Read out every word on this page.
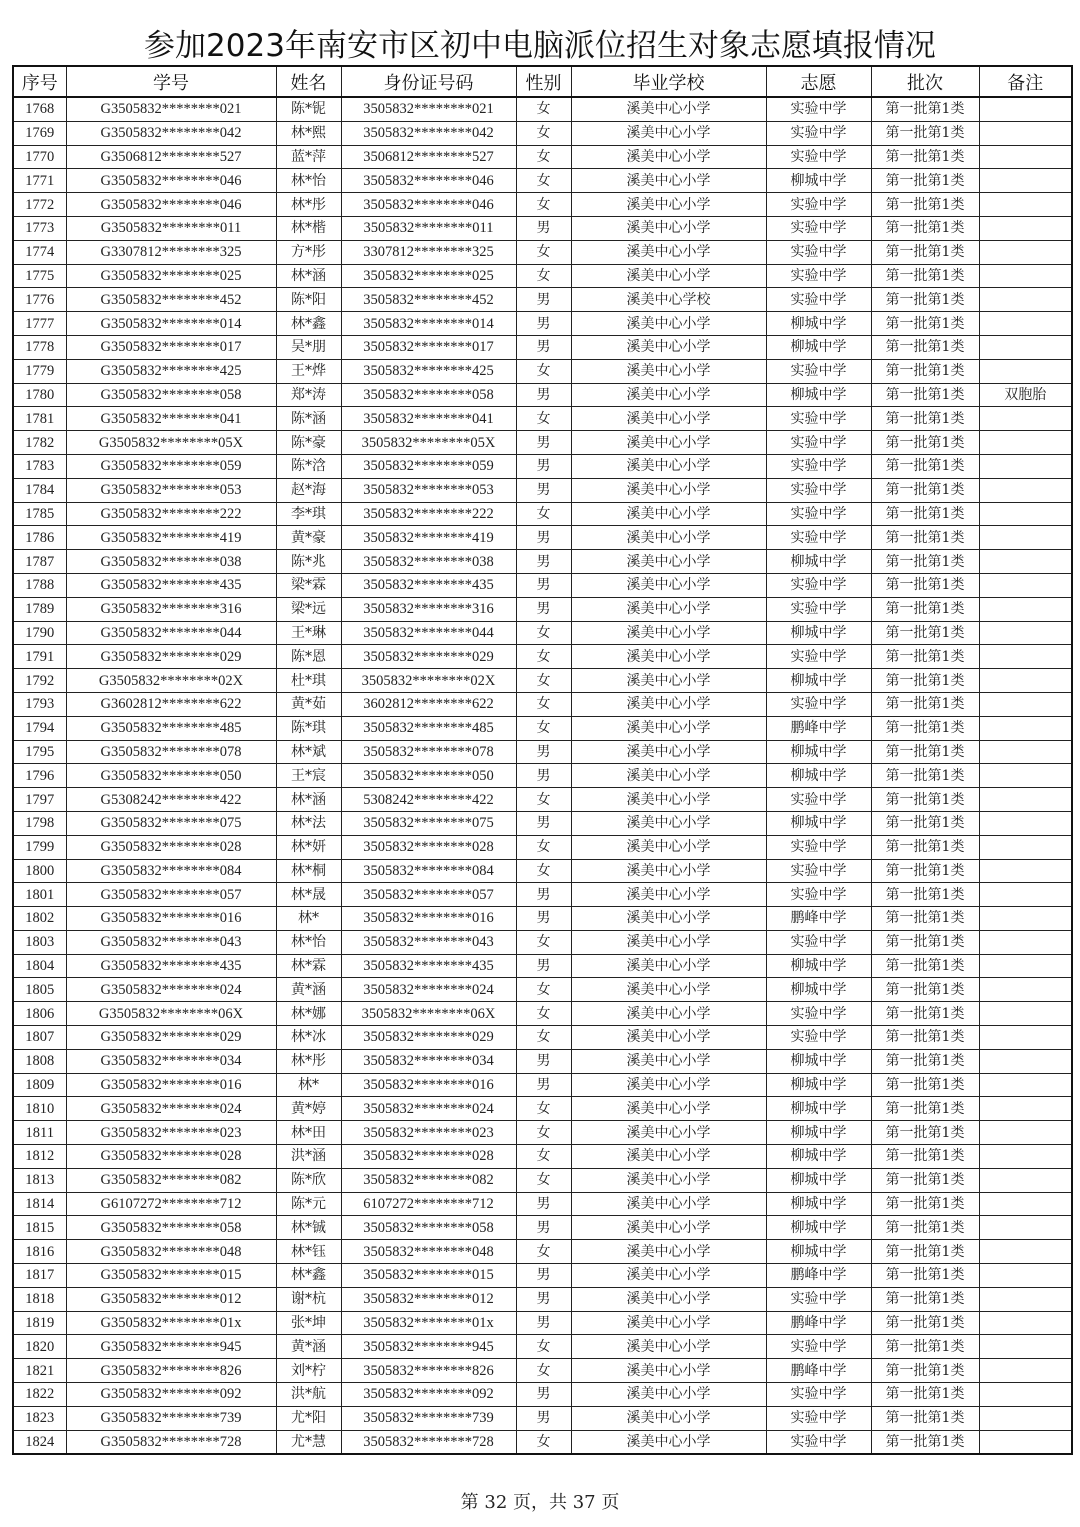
参加2023年南安市区初中电脑派位招生对象志愿填报情况
序号	学号	姓名	身份证号码	性别	毕业学校	志愿	批次	备注
1768	G3505832********021	陈*铌	3505832********021	女	溪美中心小学	实验中学	第一批第1类	
1769	G3505832********042	林*熙	3505832********042	女	溪美中心小学	实验中学	第一批第1类	
1770	G3506812********527	蓝*萍	3506812********527	女	溪美中心小学	实验中学	第一批第1类	
1771	G3505832********046	林*怡	3505832********046	女	溪美中心小学	柳城中学	第一批第1类	
1772	G3505832********046	林*彤	3505832********046	女	溪美中心小学	实验中学	第一批第1类	
1773	G3505832********011	林*楷	3505832********011	男	溪美中心小学	实验中学	第一批第1类	
1774	G3307812********325	方*彤	3307812********325	女	溪美中心小学	实验中学	第一批第1类	
1775	G3505832********025	林*涵	3505832********025	女	溪美中心小学	实验中学	第一批第1类	
1776	G3505832********452	陈*阳	3505832********452	男	溪美中心学校	实验中学	第一批第1类	
1777	G3505832********014	林*鑫	3505832********014	男	溪美中心小学	柳城中学	第一批第1类	
1778	G3505832********017	吴*朋	3505832********017	男	溪美中心小学	柳城中学	第一批第1类	
1779	G3505832********425	王*烨	3505832********425	女	溪美中心小学	实验中学	第一批第1类	
1780	G3505832********058	郑*涛	3505832********058	男	溪美中心小学	柳城中学	第一批第1类	双胞胎
1781	G3505832********041	陈*涵	3505832********041	女	溪美中心小学	实验中学	第一批第1类	
1782	G3505832********05X	陈*豪	3505832********05X	男	溪美中心小学	实验中学	第一批第1类	
1783	G3505832********059	陈*浛	3505832********059	男	溪美中心小学	实验中学	第一批第1类	
1784	G3505832********053	赵*海	3505832********053	男	溪美中心小学	实验中学	第一批第1类	
1785	G3505832********222	李*琪	3505832********222	女	溪美中心小学	实验中学	第一批第1类	
1786	G3505832********419	黄*豪	3505832********419	男	溪美中心小学	实验中学	第一批第1类	
1787	G3505832********038	陈*兆	3505832********038	男	溪美中心小学	柳城中学	第一批第1类	
1788	G3505832********435	梁*霖	3505832********435	男	溪美中心小学	实验中学	第一批第1类	
1789	G3505832********316	梁*远	3505832********316	男	溪美中心小学	实验中学	第一批第1类	
1790	G3505832********044	王*琳	3505832********044	女	溪美中心小学	柳城中学	第一批第1类	
1791	G3505832********029	陈*恩	3505832********029	女	溪美中心小学	实验中学	第一批第1类	
1792	G3505832********02X	杜*琪	3505832********02X	女	溪美中心小学	柳城中学	第一批第1类	
1793	G3602812********622	黄*茹	3602812********622	女	溪美中心小学	实验中学	第一批第1类	
1794	G3505832********485	陈*琪	3505832********485	女	溪美中心小学	鹏峰中学	第一批第1类	
1795	G3505832********078	林*斌	3505832********078	男	溪美中心小学	柳城中学	第一批第1类	
1796	G3505832********050	王*宸	3505832********050	男	溪美中心小学	柳城中学	第一批第1类	
1797	G5308242********422	林*涵	5308242********422	女	溪美中心小学	实验中学	第一批第1类	
1798	G3505832********075	林*法	3505832********075	男	溪美中心小学	柳城中学	第一批第1类	
1799	G3505832********028	林*妍	3505832********028	女	溪美中心小学	实验中学	第一批第1类	
1800	G3505832********084	林*桐	3505832********084	女	溪美中心小学	实验中学	第一批第1类	
1801	G3505832********057	林*晟	3505832********057	男	溪美中心小学	实验中学	第一批第1类	
1802	G3505832********016	林*	3505832********016	男	溪美中心小学	鹏峰中学	第一批第1类	
1803	G3505832********043	林*怡	3505832********043	女	溪美中心小学	实验中学	第一批第1类	
1804	G3505832********435	林*霖	3505832********435	男	溪美中心小学	柳城中学	第一批第1类	
1805	G3505832********024	黄*涵	3505832********024	女	溪美中心小学	柳城中学	第一批第1类	
1806	G3505832********06X	林*娜	3505832********06X	女	溪美中心小学	实验中学	第一批第1类	
1807	G3505832********029	林*冰	3505832********029	女	溪美中心小学	实验中学	第一批第1类	
1808	G3505832********034	林*彤	3505832********034	男	溪美中心小学	柳城中学	第一批第1类	
1809	G3505832********016	林*	3505832********016	男	溪美中心小学	柳城中学	第一批第1类	
1810	G3505832********024	黄*婷	3505832********024	女	溪美中心小学	柳城中学	第一批第1类	
1811	G3505832********023	林*田	3505832********023	女	溪美中心小学	柳城中学	第一批第1类	
1812	G3505832********028	洪*涵	3505832********028	女	溪美中心小学	柳城中学	第一批第1类	
1813	G3505832********082	陈*欣	3505832********082	女	溪美中心小学	柳城中学	第一批第1类	
1814	G6107272********712	陈*元	6107272********712	男	溪美中心小学	柳城中学	第一批第1类	
1815	G3505832********058	林*铖	3505832********058	男	溪美中心小学	柳城中学	第一批第1类	
1816	G3505832********048	林*钰	3505832********048	女	溪美中心小学	柳城中学	第一批第1类	
1817	G3505832********015	林*鑫	3505832********015	男	溪美中心小学	鹏峰中学	第一批第1类	
1818	G3505832********012	谢*杭	3505832********012	男	溪美中心小学	实验中学	第一批第1类	
1819	G3505832********01x	张*坤	3505832********01x	男	溪美中心小学	鹏峰中学	第一批第1类	
1820	G3505832********945	黄*涵	3505832********945	女	溪美中心小学	实验中学	第一批第1类	
1821	G3505832********826	刘*柠	3505832********826	女	溪美中心小学	鹏峰中学	第一批第1类	
1822	G3505832********092	洪*航	3505832********092	男	溪美中心小学	实验中学	第一批第1类	
1823	G3505832********739	尤*阳	3505832********739	男	溪美中心小学	实验中学	第一批第1类	
1824	G3505832********728	尤*慧	3505832********728	女	溪美中心小学	实验中学	第一批第1类	
第 32 页，共 37 页
